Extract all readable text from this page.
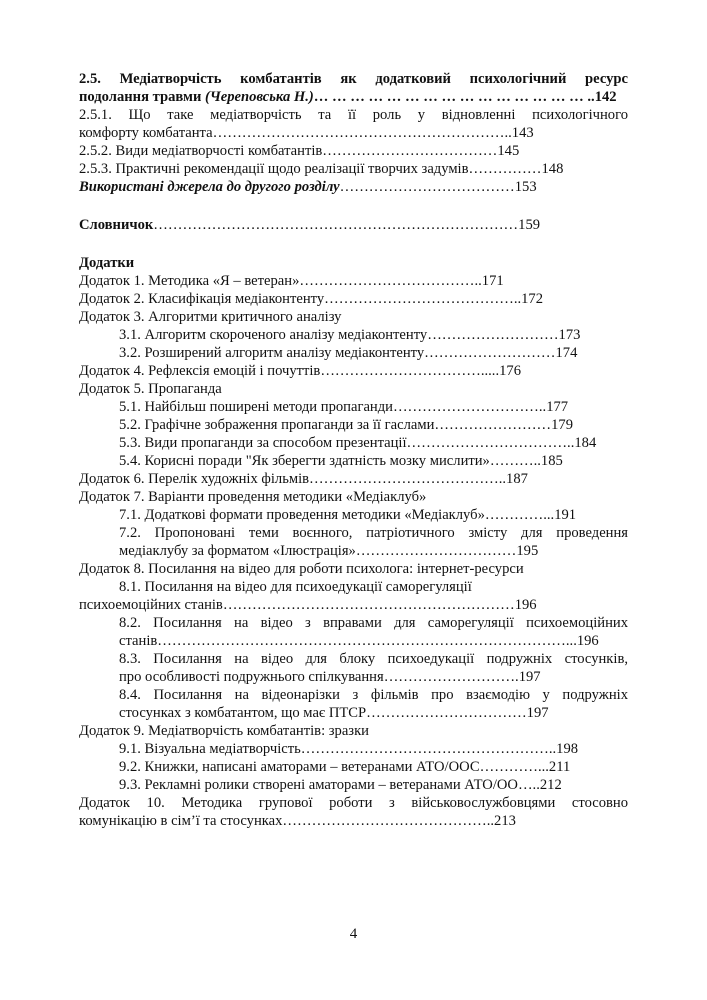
2.5. Медіатворчість комбатантів як додатковий психологічний ресурс
подолання травми (Череповська Н.)… … … … … … … … … … … … … … … ..142
2.5.1. Що таке медіатворчість та її роль у відновленні психологічного
комфорту комбатанта……………………………………………………..143
2.5.2. Види медіатворчості комбатантів………………………………145
2.5.3. Практичні рекомендації щодо реалізації творчих задумів……………148
Використані джерела до другого розділу………………………………153
Словничок…………………………………………………………………159
Додатки
Додаток 1. Методика «Я – ветеран»………………………………..171
Додаток 2. Класифікація медіаконтенту…………………………………..172
Додаток 3. Алгоритми критичного аналізу
3.1. Алгоритм скороченого аналізу медіаконтенту………………………173
3.2. Розширений алгоритм аналізу медіаконтенту………………………174
Додаток 4. Рефлексія емоцій і почуттів…………………………….....176
Додаток 5. Пропаганда
5.1. Найбільш поширені методи пропаганди…………………………..177
5.2. Графічне зображення пропаганди за її гаслами……………………179
5.3. Види пропаганди за способом презентації……………………………..184
5.4. Корисні поради "Як зберегти здатність мозку мислити»………..185
Додаток 6. Перелік художніх фільмів…………………………………..187
Додаток 7. Варіанти проведення методики «Медіаклуб»
7.1. Додаткові формати проведення методики «Медіаклуб»…………...191
7.2. Пропоновані теми воєнного, патріотичного змісту для проведення
медіаклубу за форматом «Ілюстрація»……………………………195
Додаток 8. Посилання на відео для роботи психолога: інтернет-ресурси
8.1. Посилання на відео для психоедукації саморегуляції
психоемоційних станів……………………………………………………196
8.2. Посилання на відео з вправами для саморегуляції психоемоційних
станів…………………………………………………………………………...196
8.3. Посилання на відео для блоку психоедукації подружніх стосунків,
про особливості подружнього спілкування……………………….197
8.4. Посилання на відеонарізки з фільмів про взаємодію у подружніх
стосунках з комбатантом, що має ПТСР……………………………197
Додаток 9. Медіатворчість комбатантів: зразки
9.1. Візуальна медіатворчість……………………………………………..198
9.2. Книжки, написані аматорами – ветеранами АТО/ООС…………...211
9.3. Рекламні ролики створені аматорами – ветеранами АТО/ОО…..212
Додаток 10. Методика групової роботи з військовослужбовцями стосовно
комунікацію в сім’ї та стосунках……………………………………..213
4
